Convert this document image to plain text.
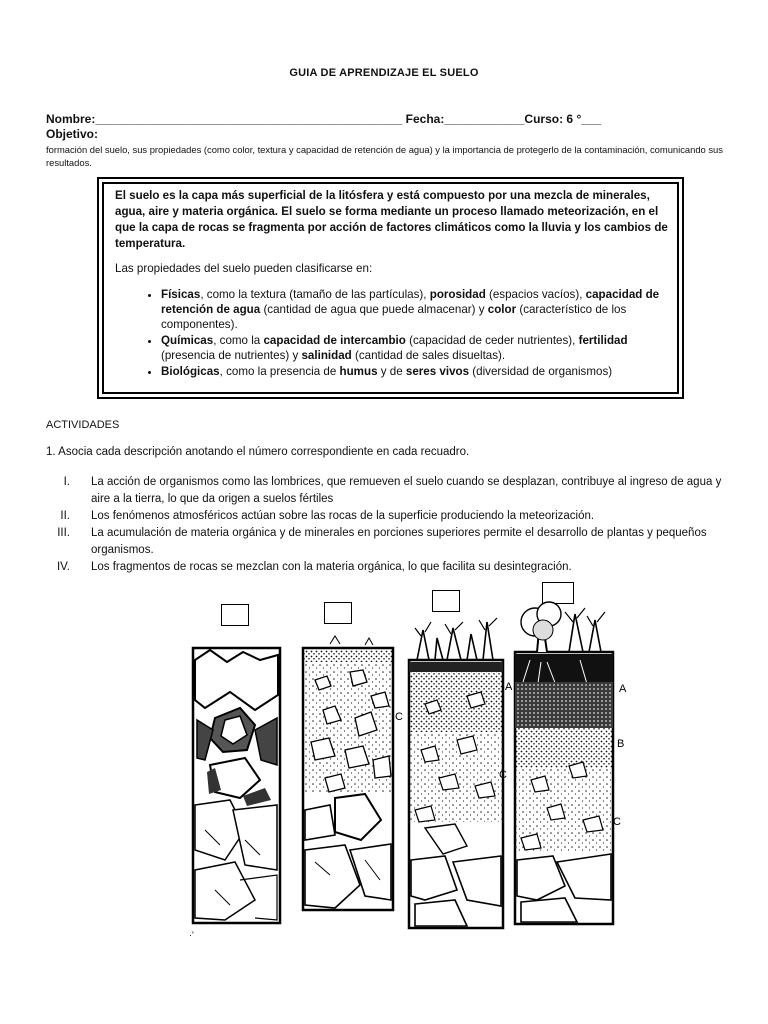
GUIA DE APRENDIZAJE EL SUELO
Nombre:______________________________________________ Fecha:____________Curso: 6 °___
Objetivo:
formación del suelo, sus propiedades (como color, textura y capacidad de retención de agua) y la importancia de protegerlo de la contaminación, comunicando sus resultados.

El suelo es la capa más superficial de la litósfera y está compuesto por una mezcla de minerales, agua, aire y materia orgánica. El suelo se forma mediante un proceso llamado meteorización, en el que la capa de rocas se fragmenta por acción de factores climáticos como la lluvia y los cambios de temperatura.

Las propiedades del suelo pueden clasificarse en:

• Físicas, como la textura (tamaño de las partículas), porosidad (espacios vacíos), capacidad de retención de agua (cantidad de agua que puede almacenar) y color (característico de los componentes).
• Químicas, como la capacidad de intercambio (capacidad de ceder nutrientes), fertilidad (presencia de nutrientes) y salinidad (cantidad de sales disueltas).
• Biológicas, como la presencia de humus y de seres vivos (diversidad de organismos)
ACTIVIDADES
1. Asocia cada descripción anotando el número correspondiente en cada recuadro.
I. La acción de organismos como las lombrices, que remueven el suelo cuando se desplazan, contribuye al ingreso de agua y aire a la tierra, lo que da origen a suelos fértiles
II. Los fenómenos atmosféricos actúan sobre las rocas de la superficie produciendo la meteorización.
III. La acumulación de materia orgánica y de minerales en porciones superiores permite el desarrollo de plantas y pequeños organismos.
IV. Los fragmentos de rocas se mezclan con la materia orgánica, lo que facilita su desintegración.
·'
C
A
C
A
B
C
